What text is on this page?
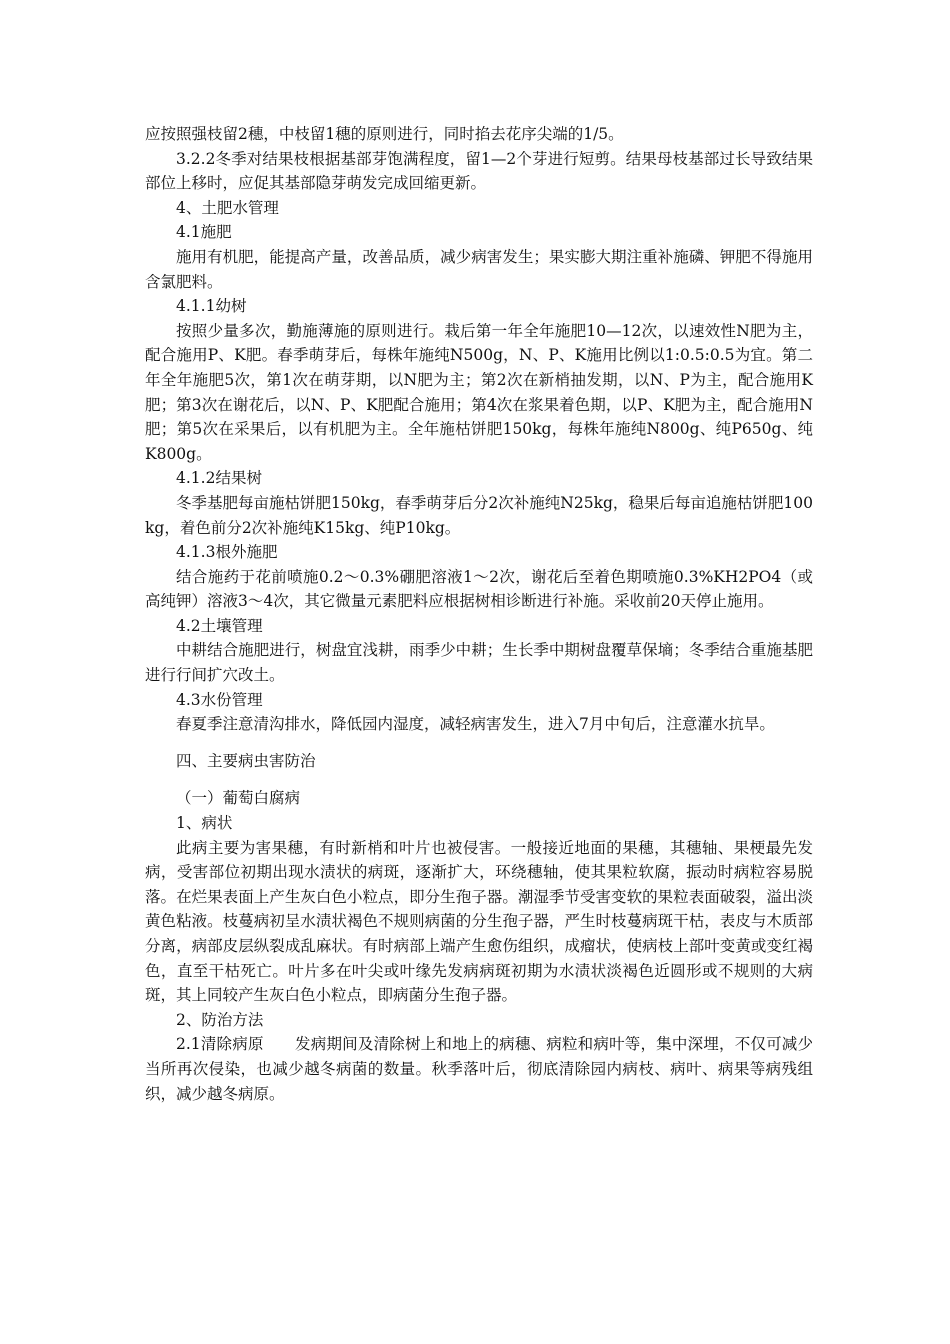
应按照强枝留2穗，中枝留1穗的原则进行，同时掐去花序尖端的1/5。

3.2.2冬季对结果枝根据基部芽饱满程度，留1—2个芽进行短剪。结果母枝基部过长导致结果部位上移时，应促其基部隐芽萌发完成回缩更新。

4、土肥水管理

4.1施肥

施用有机肥，能提高产量，改善品质，减少病害发生；果实膨大期注重补施磷、钾肥不得施用含氯肥料。

4.1.1幼树

按照少量多次，勤施薄施的原则进行。栽后第一年全年施肥10—12次，以速效性N肥为主，配合施用P、K肥。春季萌芽后，每株年施纯N500g，N、P、K施用比例以1:0.5:0.5为宜。第二年全年施肥5次，第1次在萌芽期，以N肥为主；第2次在新梢抽发期，以N、P为主，配合施用K肥；第3次在谢花后，以N、P、K肥配合施用；第4次在浆果着色期，以P、K肥为主，配合施用N肥；第5次在采果后，以有机肥为主。全年施枯饼肥150kg，每株年施纯N800g、纯P650g、纯K800g。

4.1.2结果树

冬季基肥每亩施枯饼肥150kg，春季萌芽后分2次补施纯N25kg，稳果后每亩追施枯饼肥100kg，着色前分2次补施纯K15kg、纯P10kg。

4.1.3根外施肥

结合施药于花前喷施0.2～0.3%硼肥溶液1～2次，谢花后至着色期喷施0.3%KH2PO4（或高纯钾）溶液3～4次，其它微量元素肥料应根据树相诊断进行补施。采收前20天停止施用。

4.2土壤管理

中耕结合施肥进行，树盘宜浅耕，雨季少中耕；生长季中期树盘覆草保墒；冬季结合重施基肥进行行间扩穴改土。

4.3水份管理

春夏季注意清沟排水，降低园内湿度，减轻病害发生，进入7月中旬后，注意灌水抗旱。

四、主要病虫害防治

（一）葡萄白腐病

1、病状

此病主要为害果穗，有时新梢和叶片也被侵害。一般接近地面的果穗，其穗轴、果梗最先发病，受害部位初期出现水渍状的病斑，逐渐扩大，环绕穗轴，使其果粒软腐，振动时病粒容易脱落。在烂果表面上产生灰白色小粒点，即分生孢子器。潮湿季节受害变软的果粒表面破裂，溢出淡黄色粘液。枝蔓病初呈水渍状褐色不规则病菌的分生孢子器，严生时枝蔓病斑干枯，表皮与木质部分离，病部皮层纵裂成乱麻状。有时病部上端产生愈伤组织，成瘤状，使病枝上部叶变黄或变红褐色，直至干枯死亡。叶片多在叶尖或叶缘先发病病斑初期为水渍状淡褐色近圆形或不规则的大病斑，其上同较产生灰白色小粒点，即病菌分生孢子器。

2、防治方法

2.1清除病原　　发病期间及清除树上和地上的病穗、病粒和病叶等，集中深埋，不仅可减少当所再次侵染，也减少越冬病菌的数量。秋季落叶后，彻底清除园内病枝、病叶、病果等病残组织，减少越冬病原。
